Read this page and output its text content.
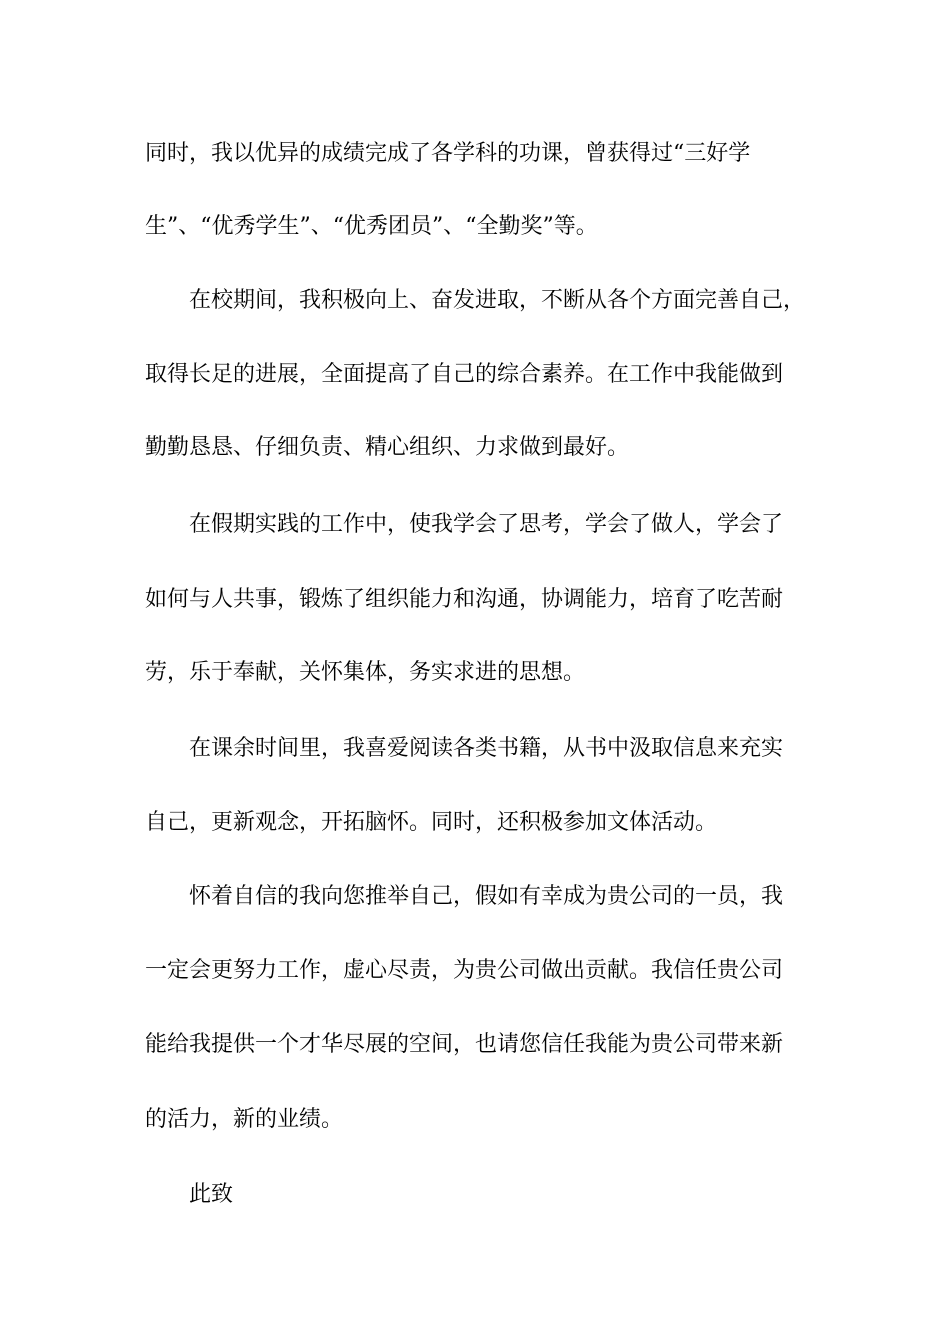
同时，我以优异的成绩完成了各学科的功课，曾获得过“三好学
生”、“优秀学生”、“优秀团员”、“全勤奖”等。
在校期间，我积极向上、奋发进取，不断从各个方面完善自己，
取得长足的进展，全面提高了自己的综合素养。在工作中我能做到
勤勤恳恳、仔细负责、精心组织、力求做到最好。
在假期实践的工作中，使我学会了思考，学会了做人，学会了
如何与人共事，锻炼了组织能力和沟通，协调能力，培育了吃苦耐
劳，乐于奉献，关怀集体，务实求进的思想。
在课余时间里，我喜爱阅读各类书籍，从书中汲取信息来充实
自己，更新观念，开拓脑怀。同时，还积极参加文体活动。
怀着自信的我向您推举自己，假如有幸成为贵公司的一员，我
一定会更努力工作，虚心尽责，为贵公司做出贡献。我信任贵公司
能给我提供一个才华尽展的空间，也请您信任我能为贵公司带来新
的活力，新的业绩。
此致
